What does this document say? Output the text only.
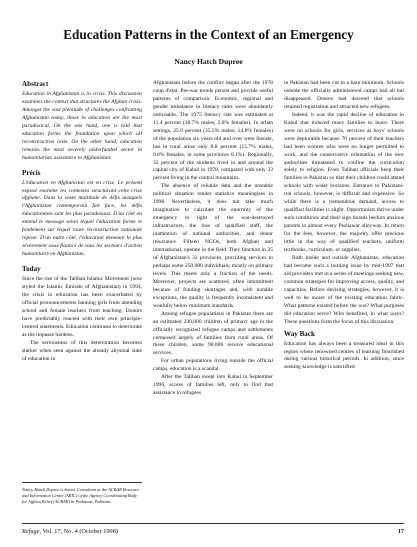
Education Patterns in the Context of an Emergency
Nancy Hatch Dupree
Abstract

Education in Afghanistan is in crisis. This discussion examines the context that structures the Afghan crisis. Amongst the vast plenitude of challenges confronting Afghanistan today, those in education are the most paradoxical. On the one hand, one is told that education forms the foundation upon which all reconstruction rests. On the other hand, education remains the most severely underfunded sector in humanitarian assistance to Afghanistan.

Précis

L'éducation en Afghanistan est en crise. Le présent exposé examine les contextes structurant cette crise afghane. Dans la vaste multitude de défis auxquels l'Afghanistan contemporain fait face, les défis éducationnels sont les plus paradoxaux. D'un côté on entend le message selon lequel l'éducation forme le fondement sur lequel toute reconstruction nationale repose. D'un autre côté, l'éducation demeure le plus sévèrement sous-financé de tous les secteurs d'action humanitaire en Afghanistan.

Today

Since the rise of the Taliban Islamic Movement (now styled the Islamic Emirate of Afghanistan) in 1994, the crisis in education has been exacerbated by official pronouncements banning girls from attending school and female teachers from teaching. Donors have predictably reacted with their own principle-centred statements. Education continues to deteriorate as the impasse hardens.

The seriousness of this deterioration becomes starker when seen against the already abysmal state of education in

Nancy Hatch Dupree is Senior Consultant at the ACBAR Resource and Information Centre (ARIC) of the Agency Coordinating Body for Afghan Relief (ACBAR) in Peshawar, Pakistan.

Afghanistan before the conflict began after the 1978 coup d'etat. Pre-war trends persist and provide useful patterns of comparison. Economic, regional and gender imbalance in literacy rates were abundantly noticeable. The 1975 literacy rate was estimated at 11.4 percent (18.7% males; 2.8% females). In urban settings, 25.9 percent (35.5% males; 14.8% females) of the population six years old and over were literate, but in rural areas only 8.8 percent (15.7% males, 0.6% females, in some provinces 0.1%). Regionally, 32 percent of the students lived in and around the capital city of Kabul in 1978, compared with only 33 percent living in the central mountains.

The absence of reliable data and the unstable political situation render statistics meaningless in 1998. Nevertheless, it does not take much imagination to calculate the enormity of the emergency in light of the war-destroyed infrastructure, the loss of qualified staff, the inattention of national authorities, and donor reluctance. Fifteen NGOs, both Afghan and international, operate in the field. They function in 25 of Afghanistan's 32 provinces, providing services to perhaps some 250,000 individuals, mostly on primary levels. This meets only a fraction of the needs. Moreover, projects are scattered, often intermittent because of funding shortages and, with notable exceptions, the quality is frequently inconsistent and woefully below minimum standards.

Among refugee populations in Pakistan there are an estimated 230,000 children of primary age in the officially recognized refugee camps and settlements composed largely of families from rural areas. Of these children, some 90,000 receive educational services.

For urban populations living outside the official camps, education is a scandal.

After the Taliban swept into Kabul in September 1996, scores of families left, only to find that assistance to refugees

in Pakistan had been cut to a bare minimum. Schools outside the officially administered camps had all but disappeared. Donors had decreed that schools retained registration and attracted new refugees.

Indeed, it was the rapid decline of education in Kabul that induced many families to leave. There were no schools for girls, services at boys' schools were deplorable because 70 percent of their teachers had been women who were no longer permitted to work, and the conservative orientation of the new authorities threatened to confine the curriculum solely to religion. Even Taliban officials keep their families in Pakistan so that their children could attend schools with wider horizons. Entrance to Pakistani-run schools, however, is difficult and expensive. So while there is a tremendous demand, access to qualified facilities is slight. Opportunists thrive under such conditions and their sign boards beckon anxious parents in almost every Peshawar alleyway. In return for the fees, however, the majority offer precious little in the way of qualified teachers, uniform textbooks, curriculum, or supplies.

Both inside and outside Afghanistan, education had become such a burning issue by mid-1997 that aid providers met in a series of meetings seeking new, common strategies for improving access, quality, and capacities. Before devising strategies, however, it is well to be aware of the existing education fabric. What patterns existed before the war? What purposes did education serve? Who benefited, in what ways? These questions form the focus of this discussion.

Way Back

Education has always been a treasured ideal in this region where renowned centres of learning flourished during various historical periods. In addition, since seeking knowledge is sanctified

Refuge, Vol. 17, No. 4 (October 1998)	17
